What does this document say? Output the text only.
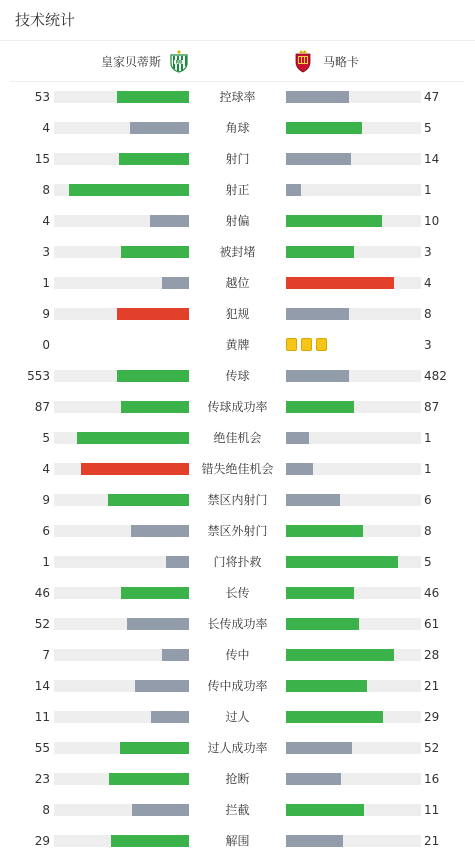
技术统计
皇家贝蒂斯	RB	马略卡
53	控球率	47
4	角球	5
15	射门	14
8	射正	1
4	射偏	10
3	被封堵	3
1	越位	4
9	犯规	8
0	黄牌	3
553	传球	482
87	传球成功率	87
5	绝佳机会	1
4	错失绝佳机会	1
9	禁区内射门	6
6	禁区外射门	8
1	门将扑救	5
46	长传	46
52	长传成功率	61
7	传中	28
14	传中成功率	21
11	过人	29
55	过人成功率	52
23	抢断	16
8	拦截	11
29	解围	21
